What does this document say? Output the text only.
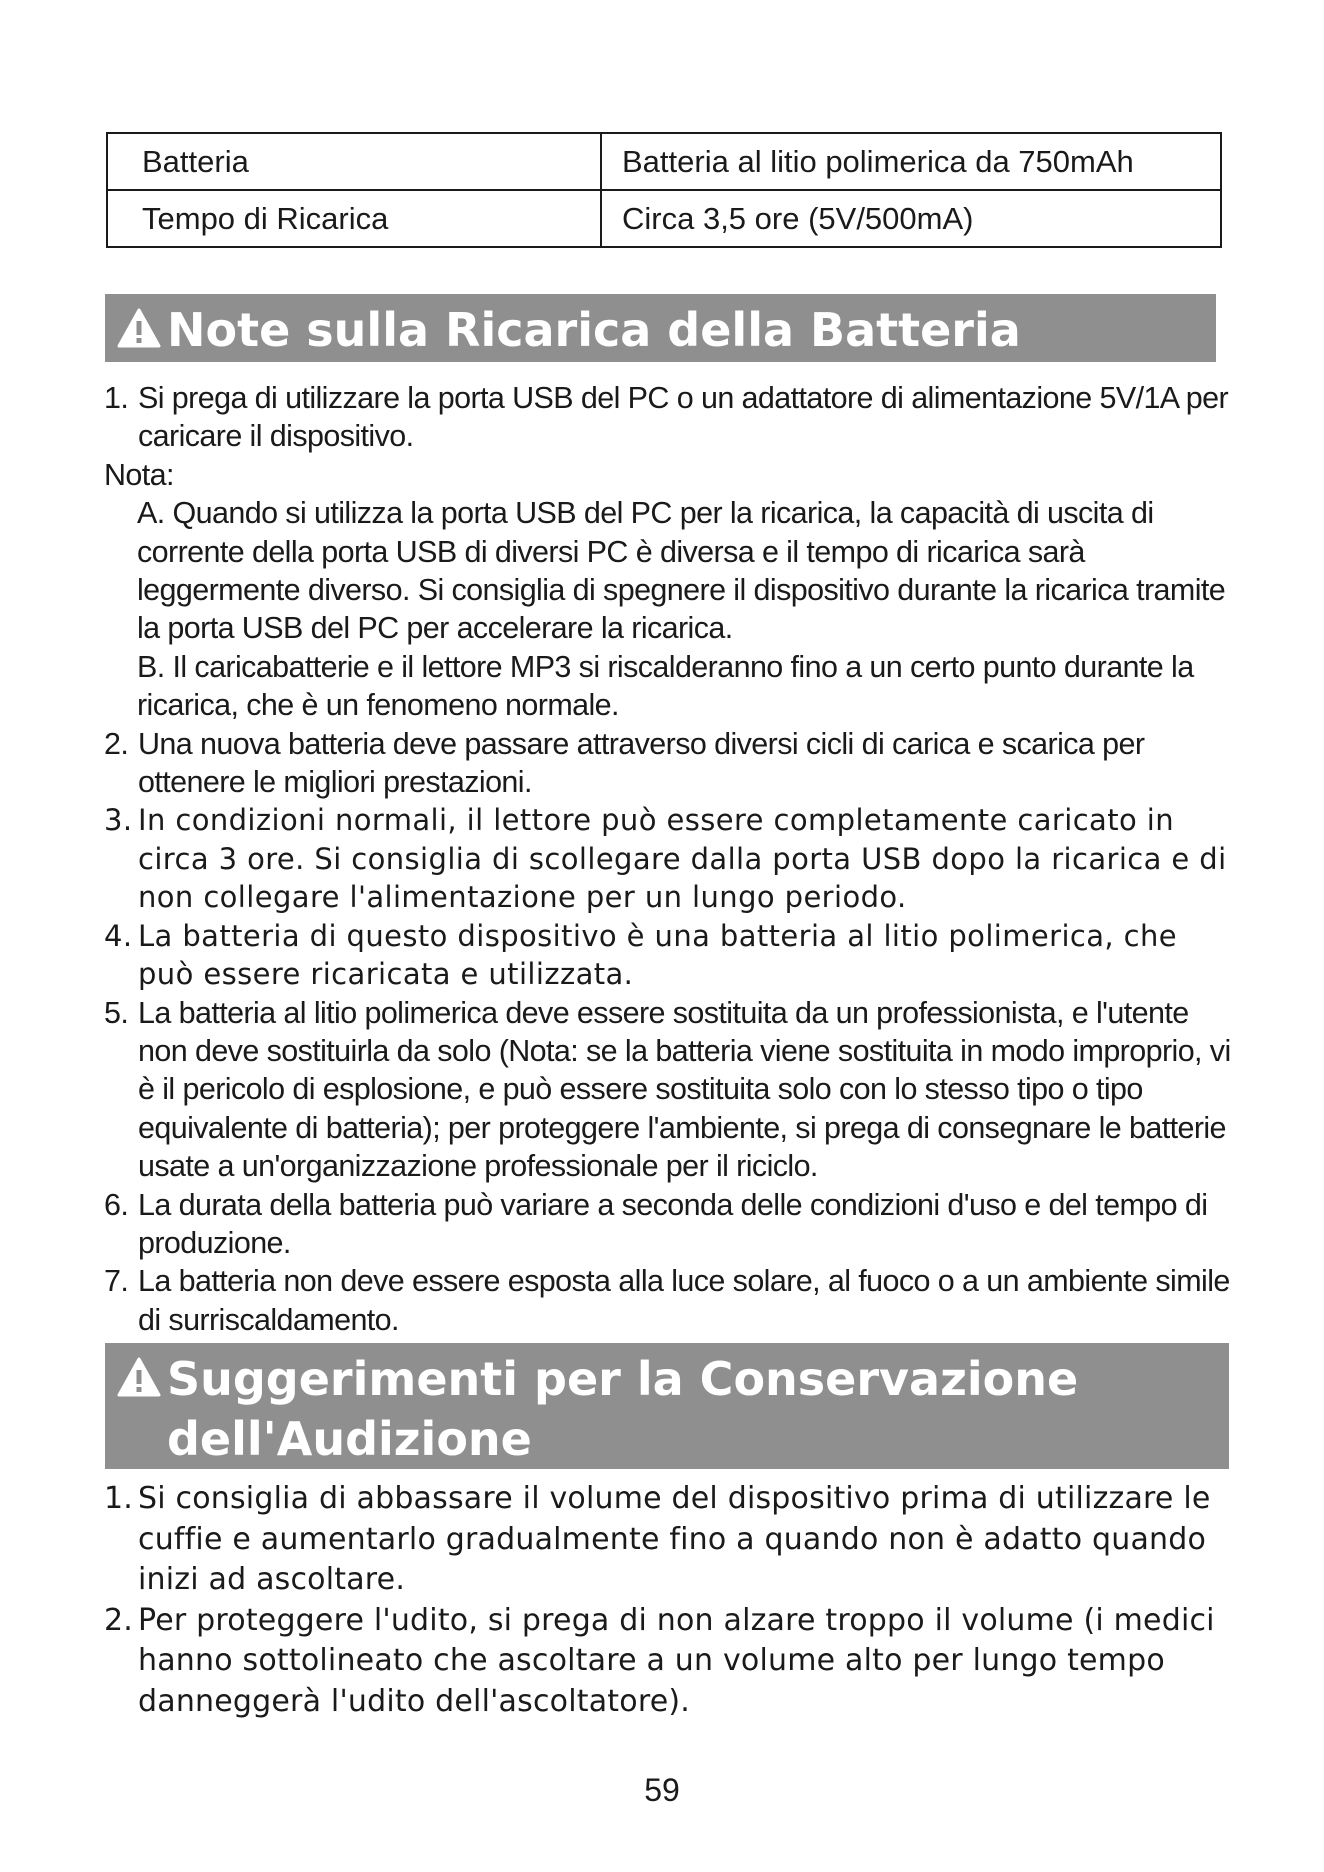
Batteria	Batteria al litio polimerica da 750mAh
Tempo di Ricarica	Circa 3,5 ore (5V/500mA)
Note sulla Ricarica della Batteria
1. Si prega di utilizzare la porta USB del PC o un adattatore di alimentazione 5V/1A per caricare il dispositivo.
Nota:
A. Quando si utilizza la porta USB del PC per la ricarica, la capacità di uscita di corrente della porta USB di diversi PC è diversa e il tempo di ricarica sarà leggermente diverso. Si consiglia di spegnere il dispositivo durante la ricarica tramite la porta USB del PC per accelerare la ricarica.
B. Il caricabatterie e il lettore MP3 si riscalderanno fino a un certo punto durante la ricarica, che è un fenomeno normale.
2. Una nuova batteria deve passare attraverso diversi cicli di carica e scarica per ottenere le migliori prestazioni.
3. In condizioni normali, il lettore può essere completamente caricato in circa 3 ore. Si consiglia di scollegare dalla porta USB dopo la ricarica e di non collegare l'alimentazione per un lungo periodo.
4. La batteria di questo dispositivo è una batteria al litio polimerica, che può essere ricaricata e utilizzata.
5. La batteria al litio polimerica deve essere sostituita da un professionista, e l'utente non deve sostituirla da solo (Nota: se la batteria viene sostituita in modo improprio, vi è il pericolo di esplosione, e può essere sostituita solo con lo stesso tipo o tipo equivalente di batteria); per proteggere l'ambiente, si prega di consegnare le batterie usate a un'organizzazione professionale per il riciclo.
6. La durata della batteria può variare a seconda delle condizioni d'uso e del tempo di produzione.
7. La batteria non deve essere esposta alla luce solare, al fuoco o a un ambiente simile di surriscaldamento.
Suggerimenti per la Conservazione
dell'Audizione
1. Si consiglia di abbassare il volume del dispositivo prima di utilizzare le cuffie e aumentarlo gradualmente fino a quando non è adatto quando inizi ad ascoltare.
2. Per proteggere l'udito, si prega di non alzare troppo il volume (i medici hanno sottolineato che ascoltare a un volume alto per lungo tempo danneggerà l'udito dell'ascoltatore).
59
